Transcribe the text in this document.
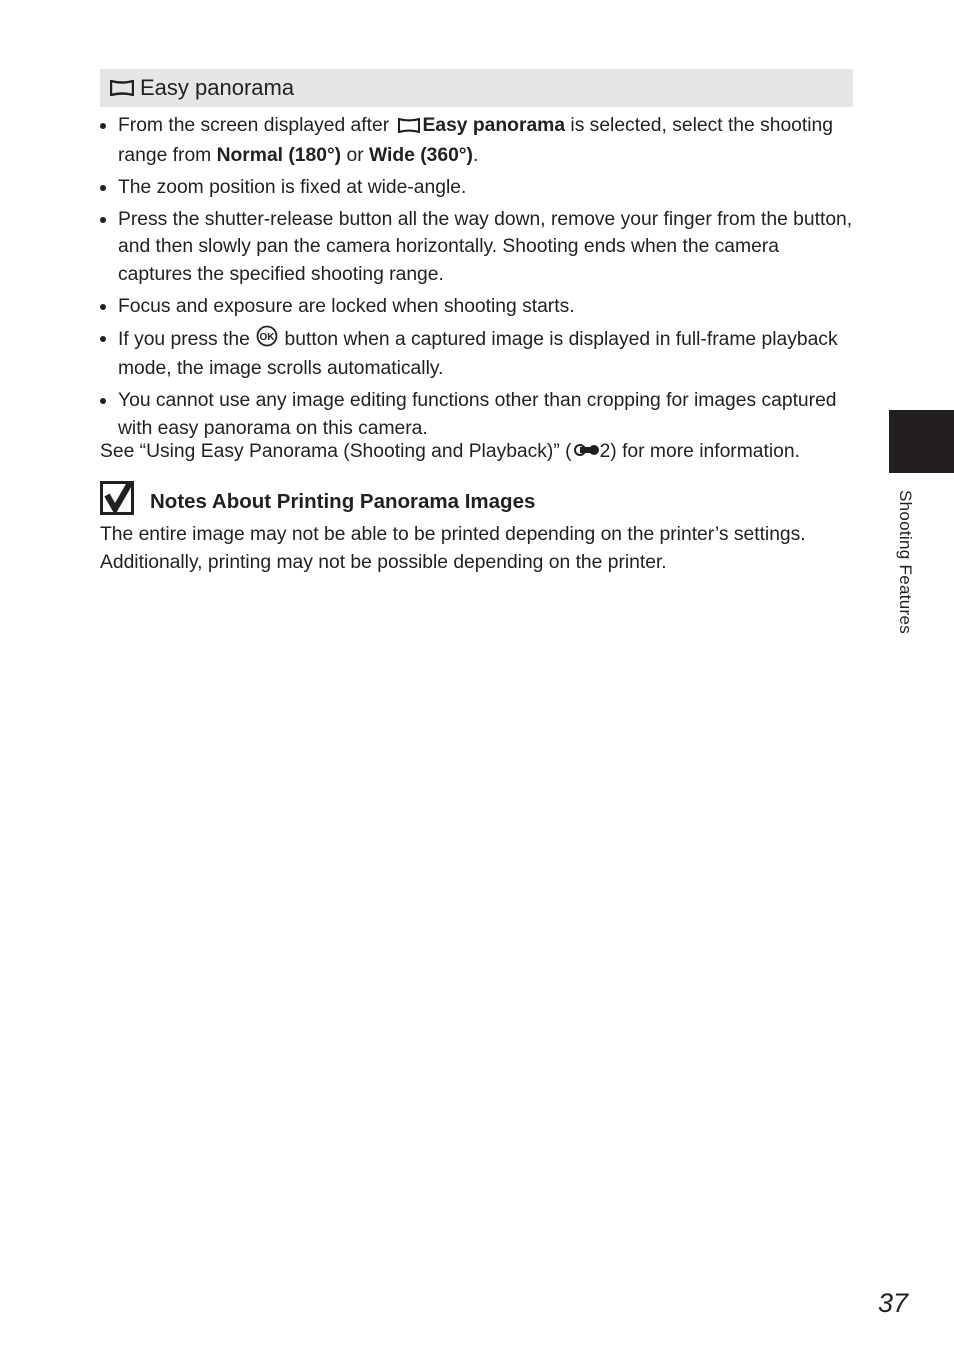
Easy panorama
From the screen displayed after Easy panorama is selected, select the shooting range from Normal (180°) or Wide (360°).
The zoom position is fixed at wide-angle.
Press the shutter-release button all the way down, remove your finger from the button, and then slowly pan the camera horizontally. Shooting ends when the camera captures the specified shooting range.
Focus and exposure are locked when shooting starts.
If you press the OK button when a captured image is displayed in full-frame playback mode, the image scrolls automatically.
You cannot use any image editing functions other than cropping for images captured with easy panorama on this camera.
See “Using Easy Panorama (Shooting and Playback)” ( 2) for more information.
Notes About Printing Panorama Images
The entire image may not be able to be printed depending on the printer’s settings. Additionally, printing may not be possible depending on the printer.	Shooting Features
37
